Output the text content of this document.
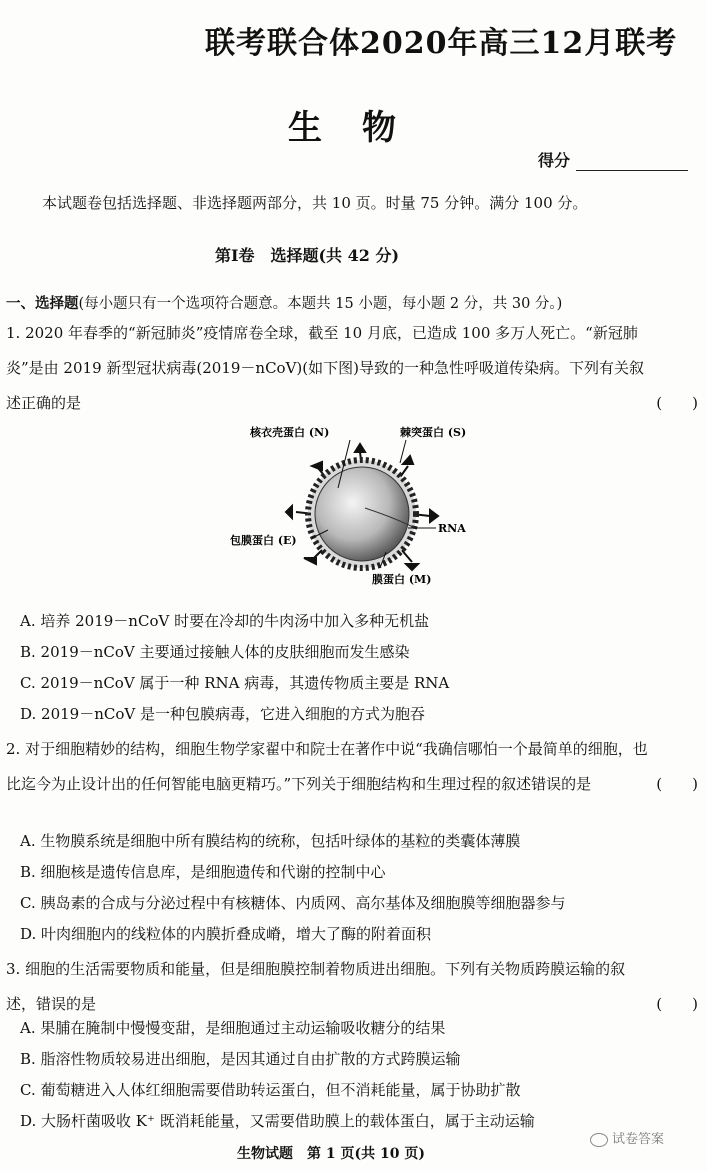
联考联合体2020年高三12月联考
生物
得分
本试题卷包括选择题、非选择题两部分，共 10 页。时量 75 分钟。满分 100 分。
第Ⅰ卷　选择题(共 42 分)
一、选择题(每小题只有一个选项符合题意。本题共 15 小题，每小题 2 分，共 30 分。)
1. 2020 年春季的“新冠肺炎”疫情席卷全球，截至 10 月底，已造成 100 多万人死亡。“新冠肺炎”是由 2019 新型冠状病毒(2019－nCoV)(如下图)导致的一种急性呼吸道传染病。下列有关叙述正确的是	(　　)
核衣壳蛋白 (N)	棘突蛋白 (S)
RNA
包膜蛋白 (E)
膜蛋白 (M)
A. 培养 2019－nCoV 时要在冷却的牛肉汤中加入多种无机盐
B. 2019－nCoV 主要通过接触人体的皮肤细胞而发生感染
C. 2019－nCoV 属于一种 RNA 病毒，其遗传物质主要是 RNA
D. 2019－nCoV 是一种包膜病毒，它进入细胞的方式为胞吞
2. 对于细胞精妙的结构，细胞生物学家翟中和院士在著作中说“我确信哪怕一个最简单的细胞，也比迄今为止设计出的任何智能电脑更精巧。”下列关于细胞结构和生理过程的叙述错误的是	(　　)
A. 生物膜系统是细胞中所有膜结构的统称，包括叶绿体的基粒的类囊体薄膜
B. 细胞核是遗传信息库，是细胞遗传和代谢的控制中心
C. 胰岛素的合成与分泌过程中有核糖体、内质网、高尔基体及细胞膜等细胞器参与
D. 叶肉细胞内的线粒体的内膜折叠成嵴，增大了酶的附着面积
3. 细胞的生活需要物质和能量，但是细胞膜控制着物质进出细胞。下列有关物质跨膜运输的叙述，错误的是	(　　)
A. 果脯在腌制中慢慢变甜，是细胞通过主动运输吸收糖分的结果
B. 脂溶性物质较易进出细胞，是因其通过自由扩散的方式跨膜运输
C. 葡萄糖进入人体红细胞需要借助转运蛋白，但不消耗能量，属于协助扩散
D. 大肠杆菌吸收 K⁺ 既消耗能量，又需要借助膜上的载体蛋白，属于主动运输
生物试题　第 1 页(共 10 页)
试卷答案
